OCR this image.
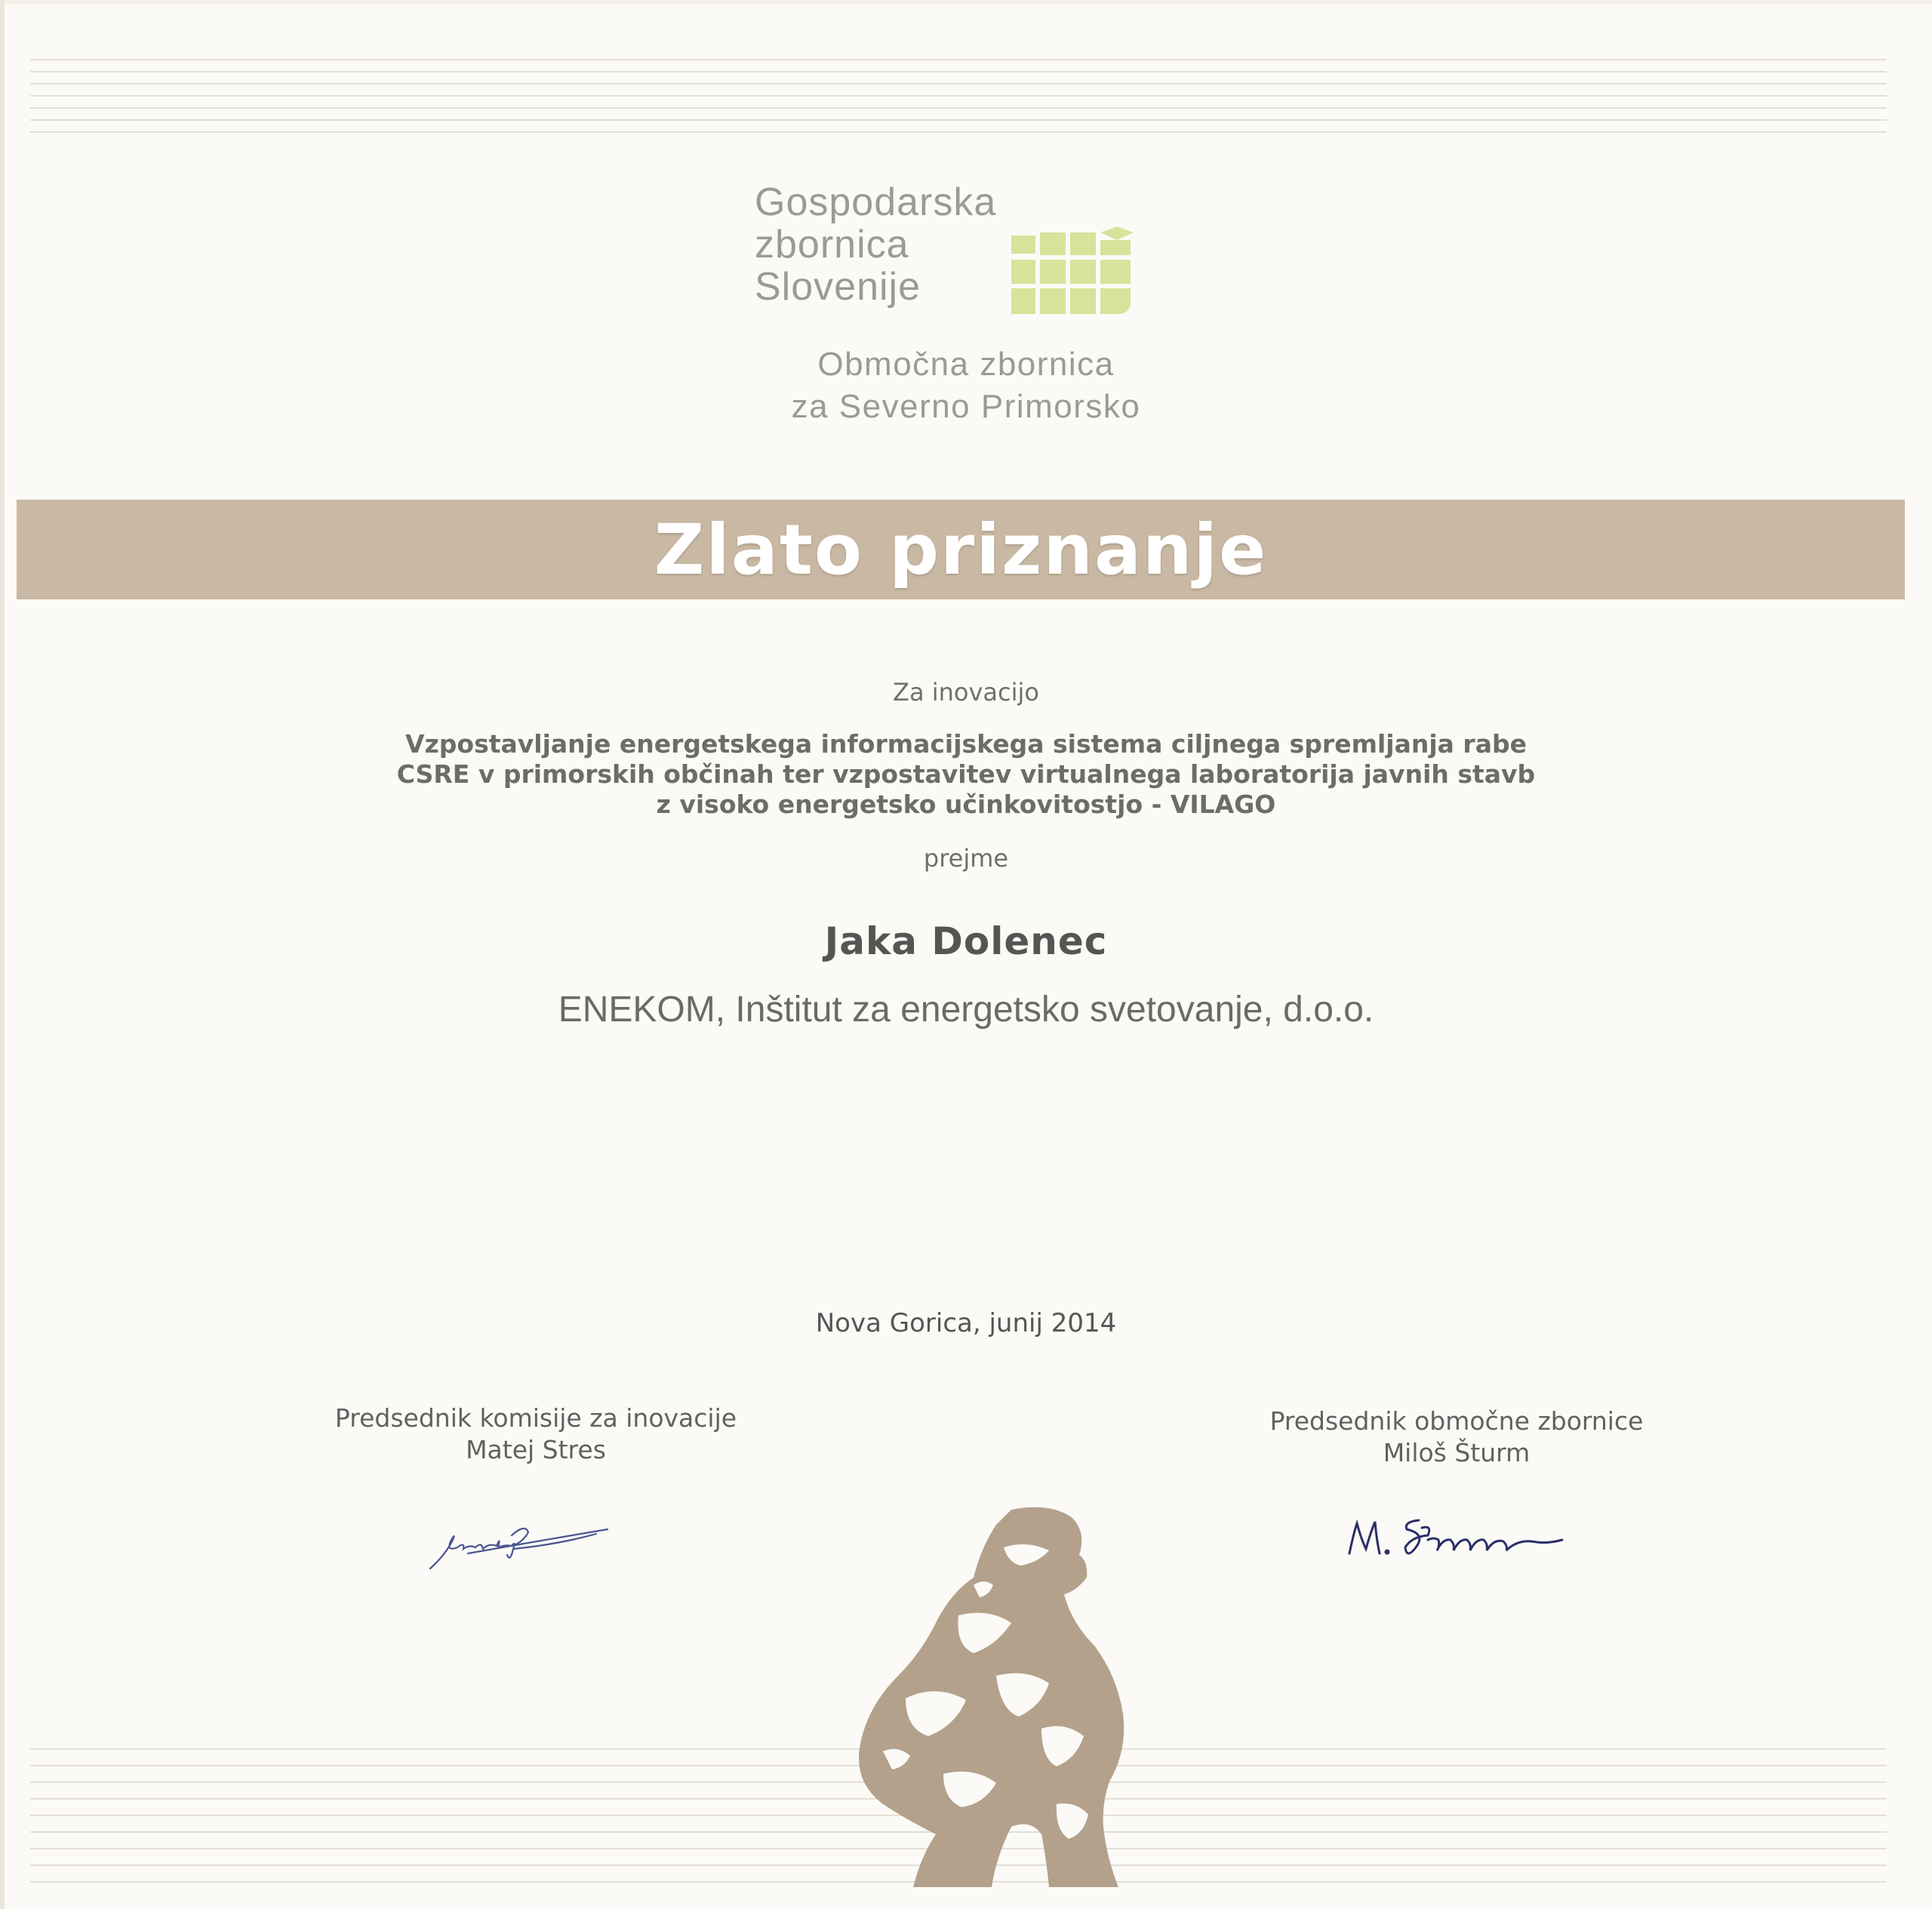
Gospodarska
zbornica
Slovenije
Območna zbornica
za Severno Primorsko
Zlato priznanje
Za inovacijo
Vzpostavljanje energetskega informacijskega sistema ciljnega spremljanja rabe
CSRE v primorskih občinah ter vzpostavitev virtualnega laboratorija javnih stavb
z visoko energetsko učinkovitostjo - VILAGO
prejme
Jaka Dolenec
ENEKOM, Inštitut za energetsko svetovanje, d.o.o.
Nova Gorica, junij 2014
Predsednik komisije za inovacije
Matej Stres
Predsednik območne zbornice
Miloš Šturm
